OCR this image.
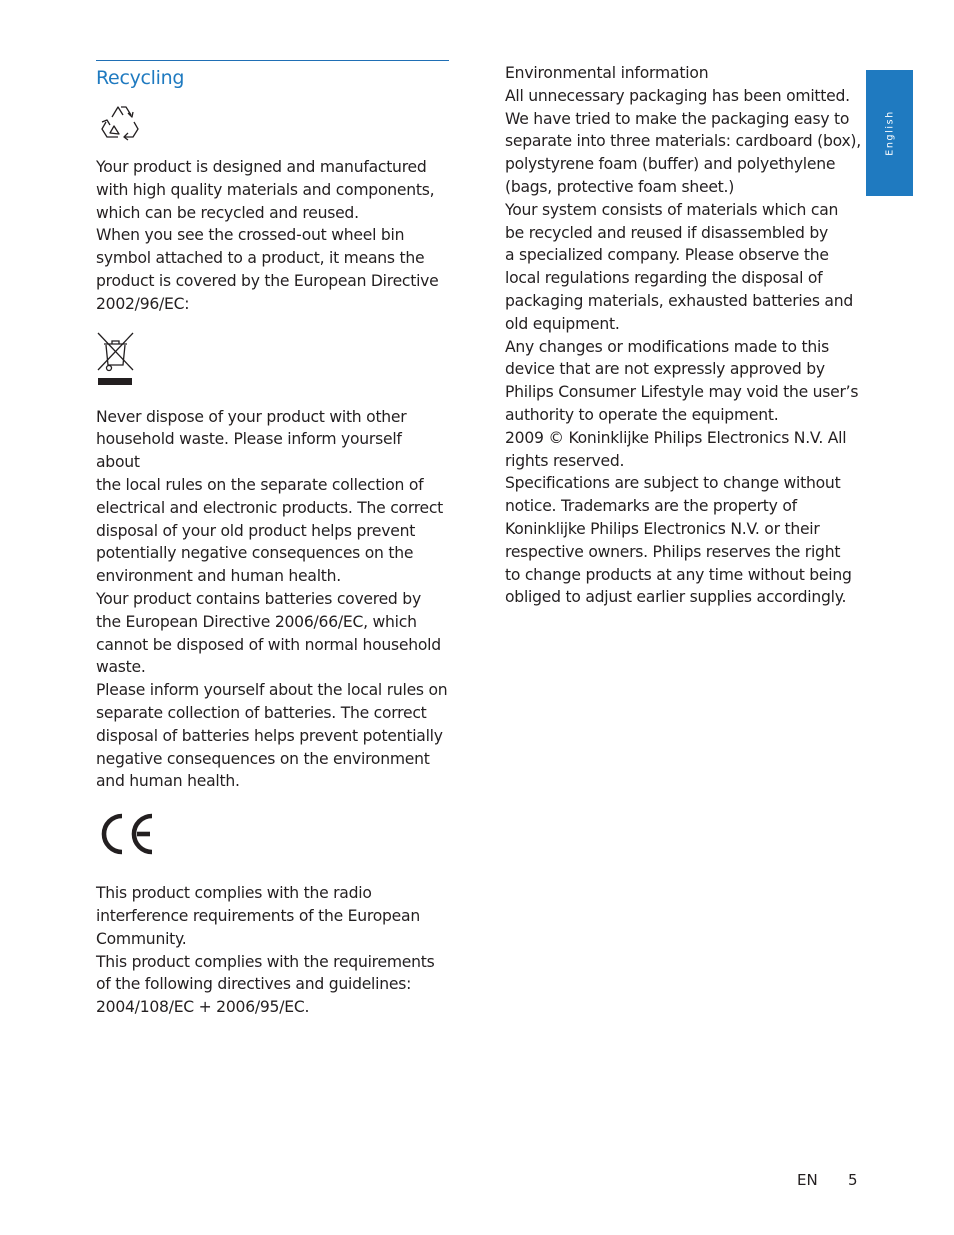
Recycling

Your product is designed and manufactured
with high quality materials and components,
which can be recycled and reused.
When you see the crossed-out wheel bin
symbol attached to a product, it means the
product is covered by the European Directive
2002/96/EC:

Never dispose of your product with other
household waste. Please inform yourself about
the local rules on the separate collection of
electrical and electronic products. The correct
disposal of your old product helps prevent
potentially negative consequences on the
environment and human health.
Your product contains batteries covered by
the European Directive 2006/66/EC, which
cannot be disposed of with normal household
waste.
Please inform yourself about the local rules on
separate collection of batteries. The correct
disposal of batteries helps prevent potentially
negative consequences on the environment
and human health.

This product complies with the radio
interference requirements of the European
Community.
This product complies with the requirements
of the following directives and guidelines:
2004/108/EC + 2006/95/EC.

Environmental information

All unnecessary packaging has been omitted.
We have tried to make the packaging easy to
separate into three materials: cardboard (box),
polystyrene foam (buffer) and polyethylene
(bags, protective foam sheet.)
Your system consists of materials which can
be recycled and reused if disassembled by
a specialized company. Please observe the
local regulations regarding the disposal of
packaging materials, exhausted batteries and
old equipment.
Any changes or modifications made to this
device that are not expressly approved by
Philips Consumer Lifestyle may void the user’s
authority to operate the equipment.
2009 © Koninklijke Philips Electronics N.V. All
rights reserved.
Specifications are subject to change without
notice. Trademarks are the property of
Koninklijke Philips Electronics N.V. or their
respective owners. Philips reserves the right
to change products at any time without being
obliged to adjust earlier supplies accordingly.

English
EN 5
